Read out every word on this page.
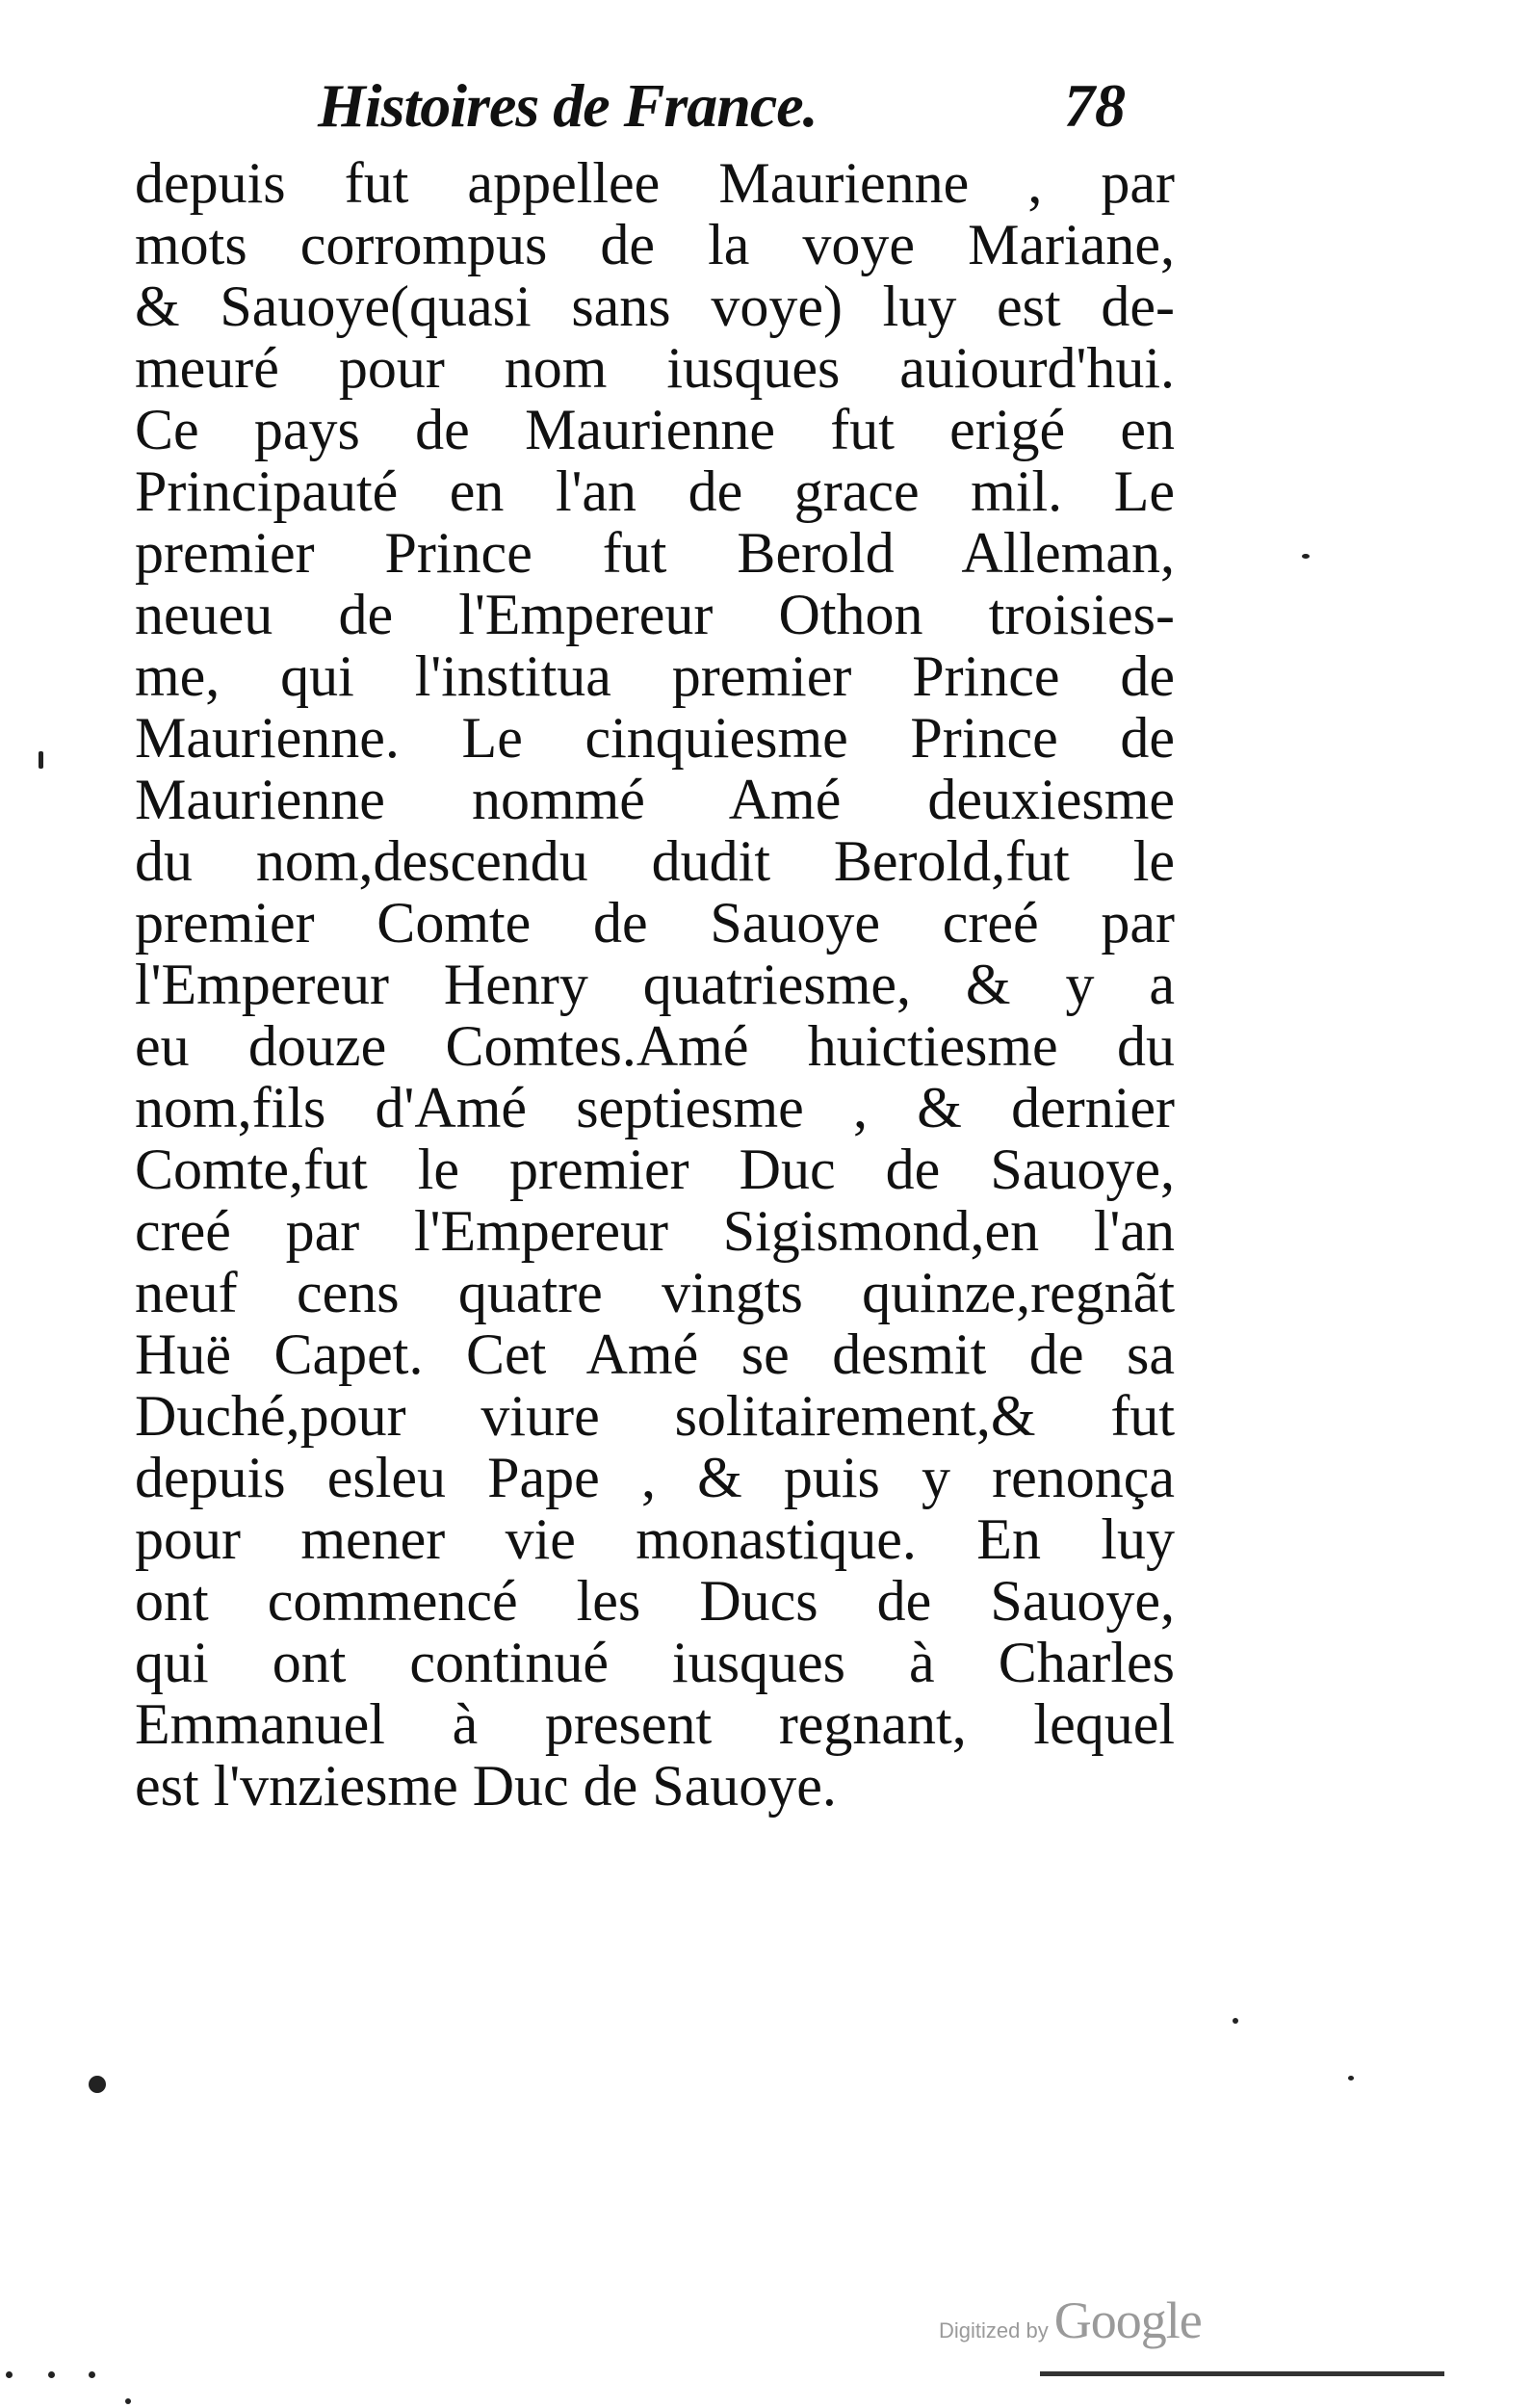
Histoires de France.	78
depuis fut appellee Maurienne , par
mots corrompus de la voye Mariane,
& Sauoye(quasi sans voye) luy est de-
meuré pour nom iusques auiourd'hui.
Ce pays de Maurienne fut erigé en
Principauté en l'an de grace mil. Le
premier Prince fut Berold Alleman,
neueu de l'Empereur Othon troisies-
me, qui l'institua premier Prince de
Maurienne. Le cinquiesme Prince de
Maurienne nommé Amé deuxiesme
du nom,descendu dudit Berold,fut le
premier Comte de Sauoye creé par
l'Empereur Henry quatriesme, & y a
eu douze Comtes.Amé huictiesme du
nom,fils d'Amé septiesme , & dernier
Comte,fut le premier Duc de Sauoye,
creé par l'Empereur Sigismond,en l'an
neuf cens quatre vingts quinze,regnãt
Huë Capet. Cet Amé se desmit de sa
Duché,pour viure solitairement,& fut
depuis esleu Pape , & puis y renonça
pour mener vie monastique. En luy
ont commencé les Ducs de Sauoye,
qui ont continué iusques à Charles
Emmanuel à present regnant, lequel
est l'vnziesme Duc de Sauoye.
Digitized by Google
